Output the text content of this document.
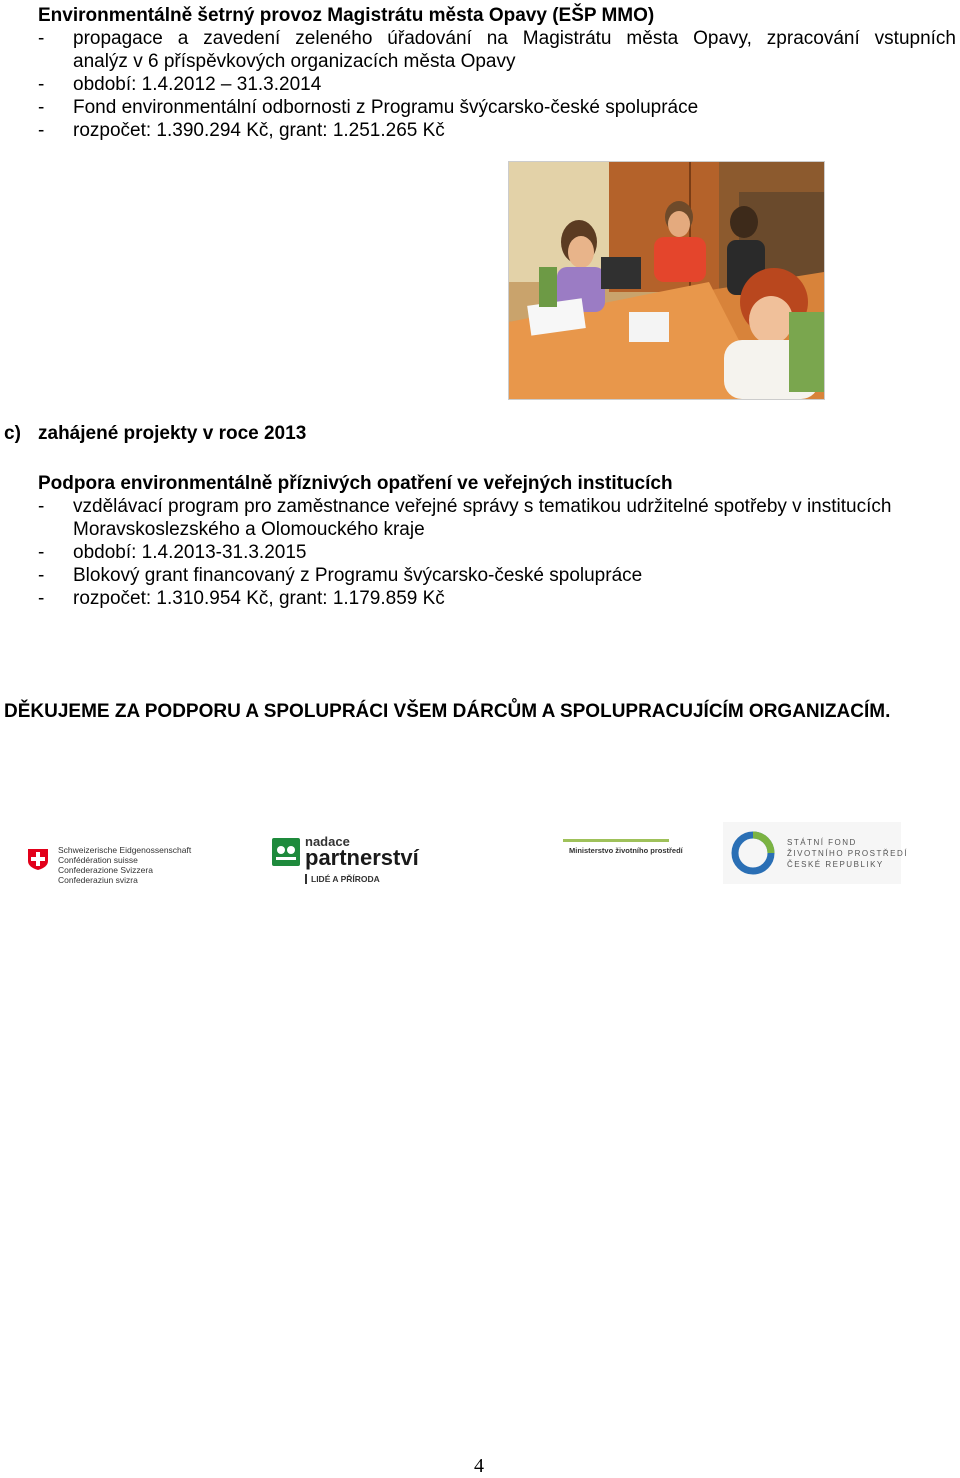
Environmentálně šetrný provoz Magistrátu města Opavy (EŠP MMO)
- propagace a zavedení zeleného úřadování na Magistrátu města Opavy, zpracování vstupních
analýz v 6 příspěvkových organizacích města Opavy
- období: 1.4.2012 – 31.3.2014
- Fond environmentální odbornosti z Programu švýcarsko-české spolupráce
- rozpočet: 1.390.294 Kč, grant: 1.251.265 Kč
c) zahájené projekty v roce 2013
Podpora environmentálně příznivých opatření ve veřejných institucích
- vzdělávací program pro zaměstnance veřejné správy s tematikou udržitelné spotřeby v institucích
Moravskoslezského a Olomouckého kraje
- období: 1.4.2013-31.3.2015
- Blokový grant financovaný z Programu švýcarsko-české spolupráce
- rozpočet: 1.310.954 Kč, grant: 1.179.859 Kč
DĚKUJEME ZA PODPORU A SPOLUPRÁCI VŠEM DÁRCŮM A SPOLUPRACUJÍCÍM ORGANIZACÍM.
Schweizerische Eidgenossenschaft
Confédération suisse
Confederazione Svizzera
Confederaziun svizra
nadace
partnerství
LIDÉ A PŘÍRODA
Ministerstvo životního prostředí
STÁTNÍ FOND
ŽIVOTNÍHO PROSTŘEDÍ
ČESKÉ REPUBLIKY
4
